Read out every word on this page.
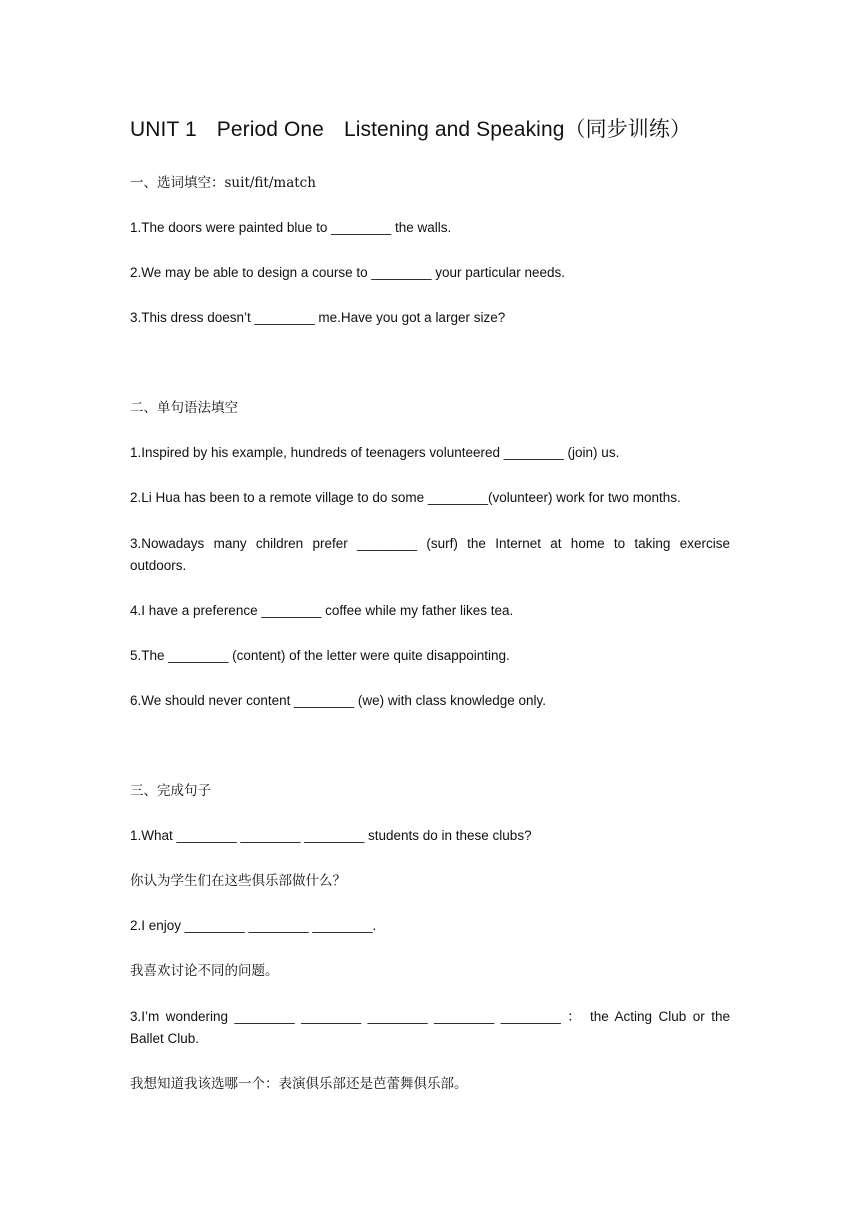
UNIT 1 Period One Listening and Speaking（同步训练）
一、选词填空：suit/fit/match
1.The doors were painted blue to ________ the walls.
2.We may be able to design a course to ________ your particular needs.
3.This dress doesn’t ________ me.Have you got a larger size?
二、单句语法填空
1.Inspired by his example, hundreds of teenagers volunteered ________ (join) us.
2.Li Hua has been to a remote village to do some ________(volunteer) work for two months.
3.Nowadays many children prefer ________ (surf) the Internet at home to taking exercise
outdoors.
4.I have a preference ________ coffee while my father likes tea.
5.The ________ (content) of the letter were quite disappointing.
6.We should never content ________ (we) with class knowledge only.
三、完成句子
1.What ________ ________ ________ students do in these clubs?
你认为学生们在这些俱乐部做什么？
2.I enjoy ________ ________ ________.
我喜欢讨论不同的问题。
3.I’m wondering ________ ________ ________ ________ ________ ： the Acting Club or the
Ballet Club.
我想知道我该选哪一个：表演俱乐部还是芭蕾舞俱乐部。
